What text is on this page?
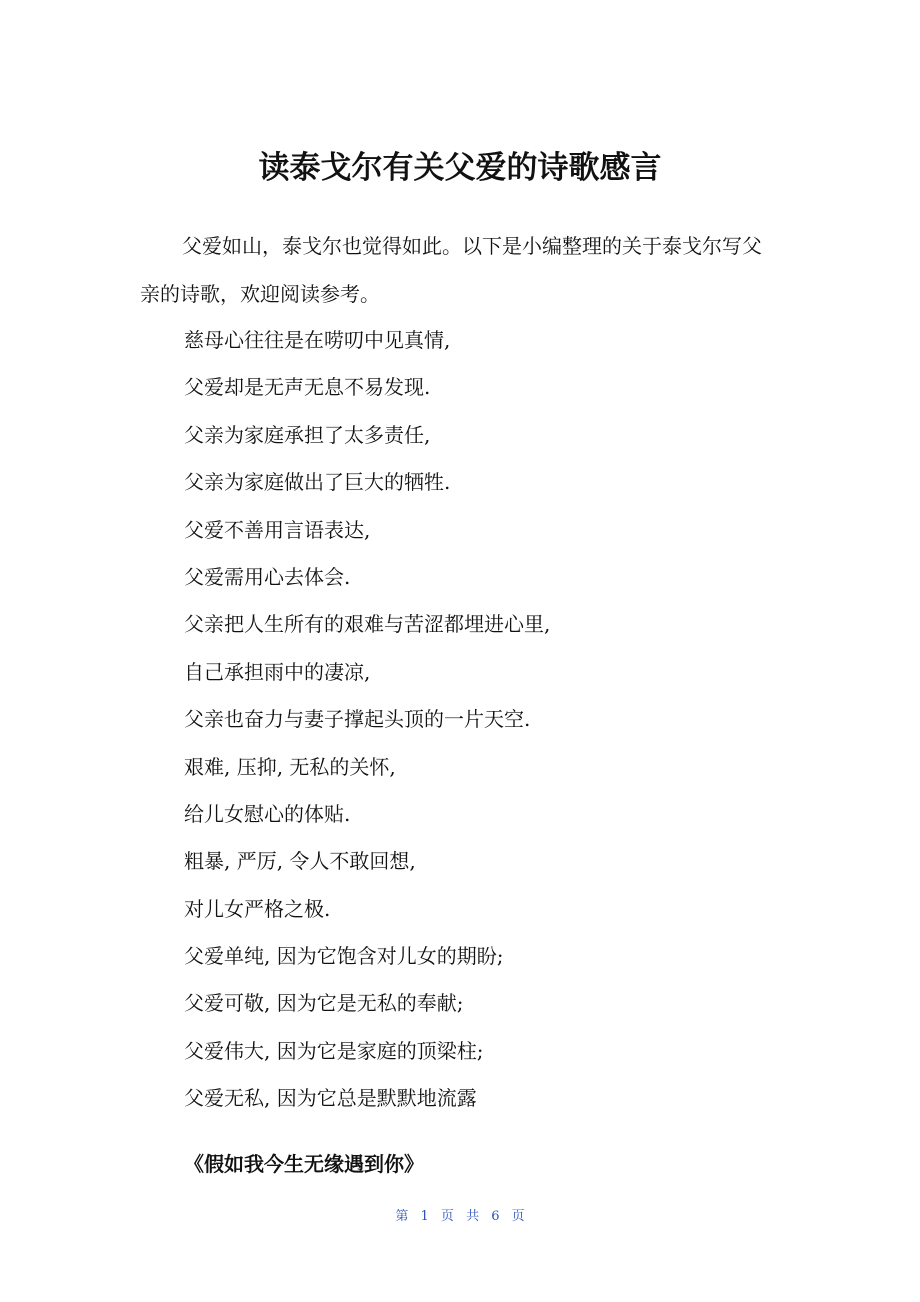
读泰戈尔有关父爱的诗歌感言

父爱如山，泰戈尔也觉得如此。以下是小编整理的关于泰戈尔写父亲的诗歌，欢迎阅读参考。

慈母心往往是在唠叨中见真情,
父爱却是无声无息不易发现.
父亲为家庭承担了太多责任,
父亲为家庭做出了巨大的牺牲.
父爱不善用言语表达,
父爱需用心去体会.
父亲把人生所有的艰难与苦涩都埋进心里,
自己承担雨中的凄凉,
父亲也奋力与妻子撑起头顶的一片天空.
艰难, 压抑, 无私的关怀,
给儿女慰心的体贴.
粗暴, 严厉, 令人不敢回想,
对儿女严格之极.
父爱单纯, 因为它饱含对儿女的期盼;
父爱可敬, 因为它是无私的奉献;
父爱伟大, 因为它是家庭的顶梁柱;
父爱无私, 因为它总是默默地流露
《假如我今生无缘遇到你》
第 1 页 共 6 页
